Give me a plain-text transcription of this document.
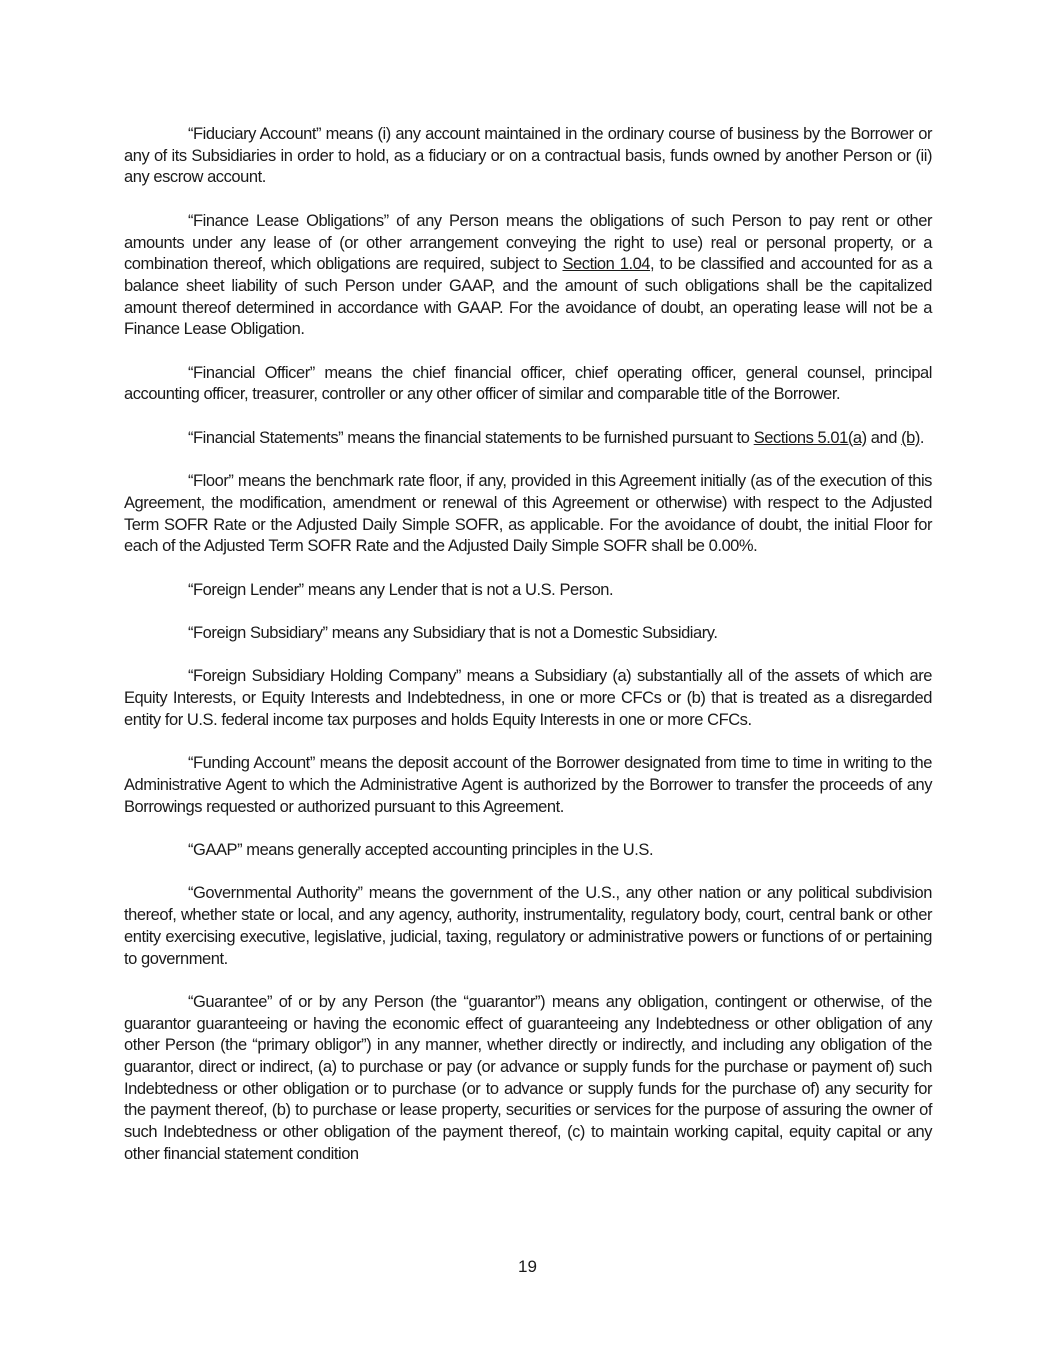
“Fiduciary Account” means (i) any account maintained in the ordinary course of business by the Borrower or any of its Subsidiaries in order to hold, as a fiduciary or on a contractual basis, funds owned by another Person or (ii) any escrow account.

“Finance Lease Obligations” of any Person means the obligations of such Person to pay rent or other amounts under any lease of (or other arrangement conveying the right to use) real or personal property, or a combination thereof, which obligations are required, subject to Section 1.04, to be classified and accounted for as a balance sheet liability of such Person under GAAP, and the amount of such obligations shall be the capitalized amount thereof determined in accordance with GAAP. For the avoidance of doubt, an operating lease will not be a Finance Lease Obligation.

“Financial Officer” means the chief financial officer, chief operating officer, general counsel, principal accounting officer, treasurer, controller or any other officer of similar and comparable title of the Borrower.

“Financial Statements” means the financial statements to be furnished pursuant to Sections 5.01(a) and (b).

“Floor” means the benchmark rate floor, if any, provided in this Agreement initially (as of the execution of this Agreement, the modification, amendment or renewal of this Agreement or otherwise) with respect to the Adjusted Term SOFR Rate or the Adjusted Daily Simple SOFR, as applicable. For the avoidance of doubt, the initial Floor for each of the Adjusted Term SOFR Rate and the Adjusted Daily Simple SOFR shall be 0.00%.

“Foreign Lender” means any Lender that is not a U.S. Person.

“Foreign Subsidiary” means any Subsidiary that is not a Domestic Subsidiary.

“Foreign Subsidiary Holding Company” means a Subsidiary (a) substantially all of the assets of which are Equity Interests, or Equity Interests and Indebtedness, in one or more CFCs or (b) that is treated as a disregarded entity for U.S. federal income tax purposes and holds Equity Interests in one or more CFCs.

“Funding Account” means the deposit account of the Borrower designated from time to time in writing to the Administrative Agent to which the Administrative Agent is authorized by the Borrower to transfer the proceeds of any Borrowings requested or authorized pursuant to this Agreement.

“GAAP” means generally accepted accounting principles in the U.S.

“Governmental Authority” means the government of the U.S., any other nation or any political subdivision thereof, whether state or local, and any agency, authority, instrumentality, regulatory body, court, central bank or other entity exercising executive, legislative, judicial, taxing, regulatory or administrative powers or functions of or pertaining to government.

“Guarantee” of or by any Person (the “guarantor”) means any obligation, contingent or otherwise, of the guarantor guaranteeing or having the economic effect of guaranteeing any Indebtedness or other obligation of any other Person (the “primary obligor”) in any manner, whether directly or indirectly, and including any obligation of the guarantor, direct or indirect, (a) to purchase or pay (or advance or supply funds for the purchase or payment of) such Indebtedness or other obligation or to purchase (or to advance or supply funds for the purchase of) any security for the payment thereof, (b) to purchase or lease property, securities or services for the purpose of assuring the owner of such Indebtedness or other obligation of the payment thereof, (c) to maintain working capital, equity capital or any other financial statement condition

19
